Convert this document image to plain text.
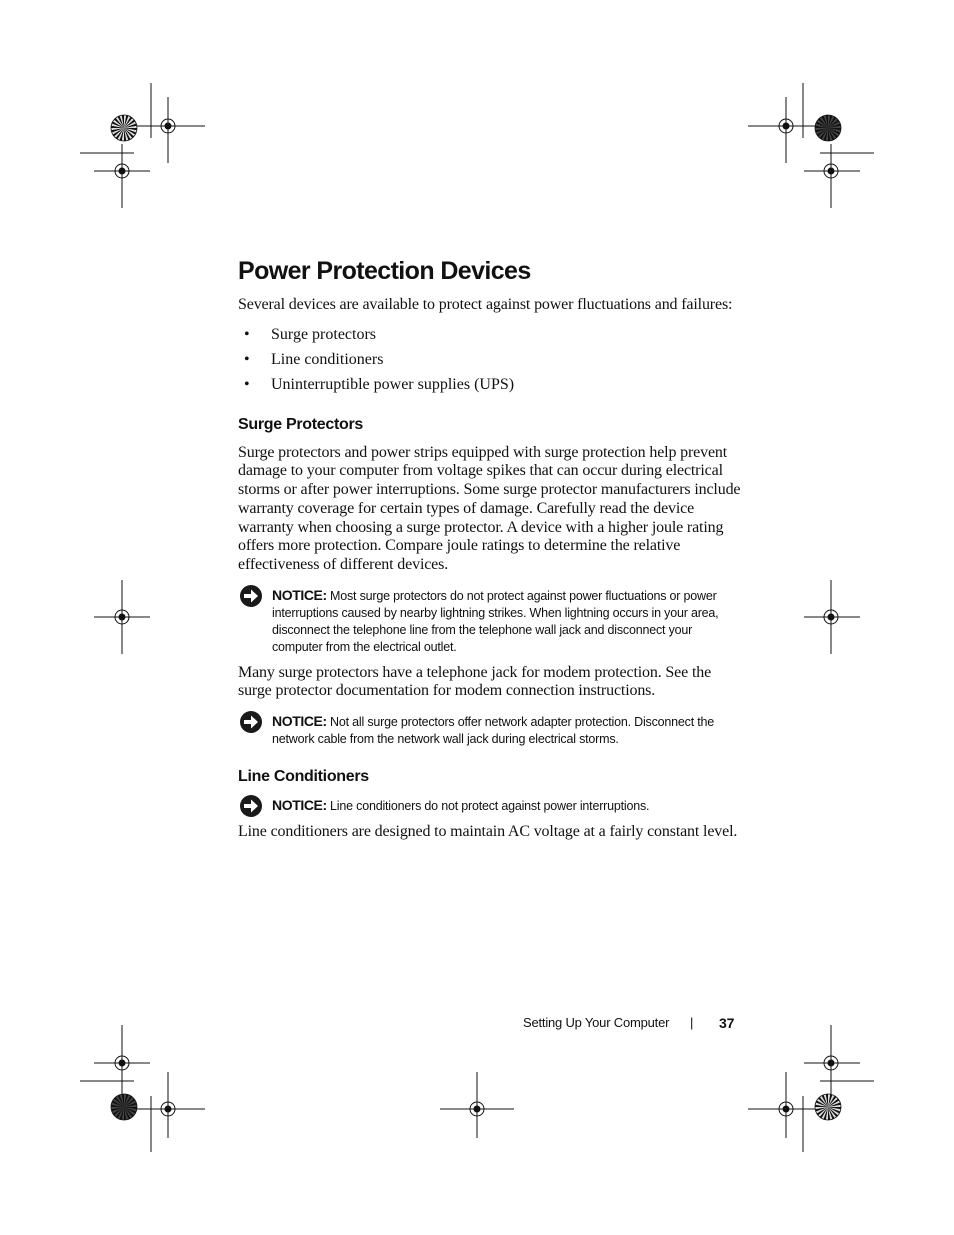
Power Protection Devices

Several devices are available to protect against power fluctuations and failures:

• Surge protectors
• Line conditioners
• Uninterruptible power supplies (UPS)
Surge Protectors

Surge protectors and power strips equipped with surge protection help prevent damage to your computer from voltage spikes that can occur during electrical storms or after power interruptions. Some surge protector manufacturers include warranty coverage for certain types of damage. Carefully read the device warranty when choosing a surge protector. A device with a higher joule rating offers more protection. Compare joule ratings to determine the relative effectiveness of different devices.

NOTICE: Most surge protectors do not protect against power fluctuations or power interruptions caused by nearby lightning strikes. When lightning occurs in your area, disconnect the telephone line from the telephone wall jack and disconnect your computer from the electrical outlet.

Many surge protectors have a telephone jack for modem protection. See the surge protector documentation for modem connection instructions.

NOTICE: Not all surge protectors offer network adapter protection. Disconnect the network cable from the network wall jack during electrical storms.
Line Conditioners
NOTICE: Line conditioners do not protect against power interruptions.

Line conditioners are designed to maintain AC voltage at a fairly constant level.

Setting Up Your Computer | 37
